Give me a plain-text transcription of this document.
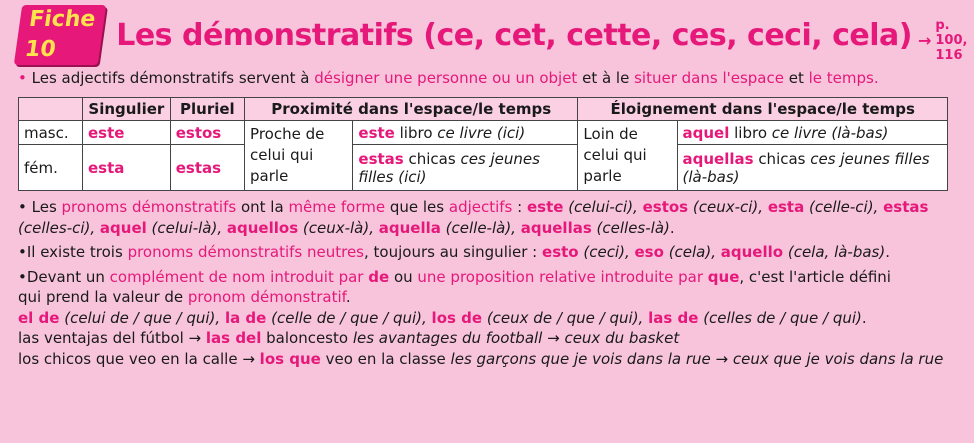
Fiche 10	Les démonstratifs (ce, cet, cette, ces, ceci, cela) →
p. 100, 116
• Les adjectifs démonstratifs servent à désigner une personne ou un objet et à le situer dans l'espace et le temps.
	Singulier	Pluriel	Proximité dans l'espace/le temps		Éloignement dans l'espace/le temps	
masc.	este	estos	Proche de celui qui parle	este libro ce livre (ici)	Loin de celui qui parle	aquel libro ce livre (là-bas)
fém.	esta	estas		estas chicas ces jeunes filles (ici)		aquellas chicas ces jeunes filles (là-bas)

• Les pronoms démonstratifs ont la même forme que les adjectifs : este (celui-ci), estos (ceux-ci), esta (celle-ci), estas

(celles-ci), aquel (celui-là), aquellos (ceux-là), aquella (celle-là), aquellas (celles-là).

•Il existe trois pronoms démonstratifs neutres, toujours au singulier : esto (ceci), eso (cela), aquello (cela, là-bas).

•Devant un complément de nom introduit par de ou une proposition relative introduite par que, c'est l'article défini

qui prend la valeur de pronom démonstratif.

el de (celui de / que / qui), la de (celle de / que / qui), los de (ceux de / que / qui), las de (celles de / que / qui).

las ventajas del fútbol → las del baloncesto les avantages du football → ceux du basket

los chicos que veo en la calle → los que veo en la classe les garçons que je vois dans la rue → ceux que je vois dans la rue
